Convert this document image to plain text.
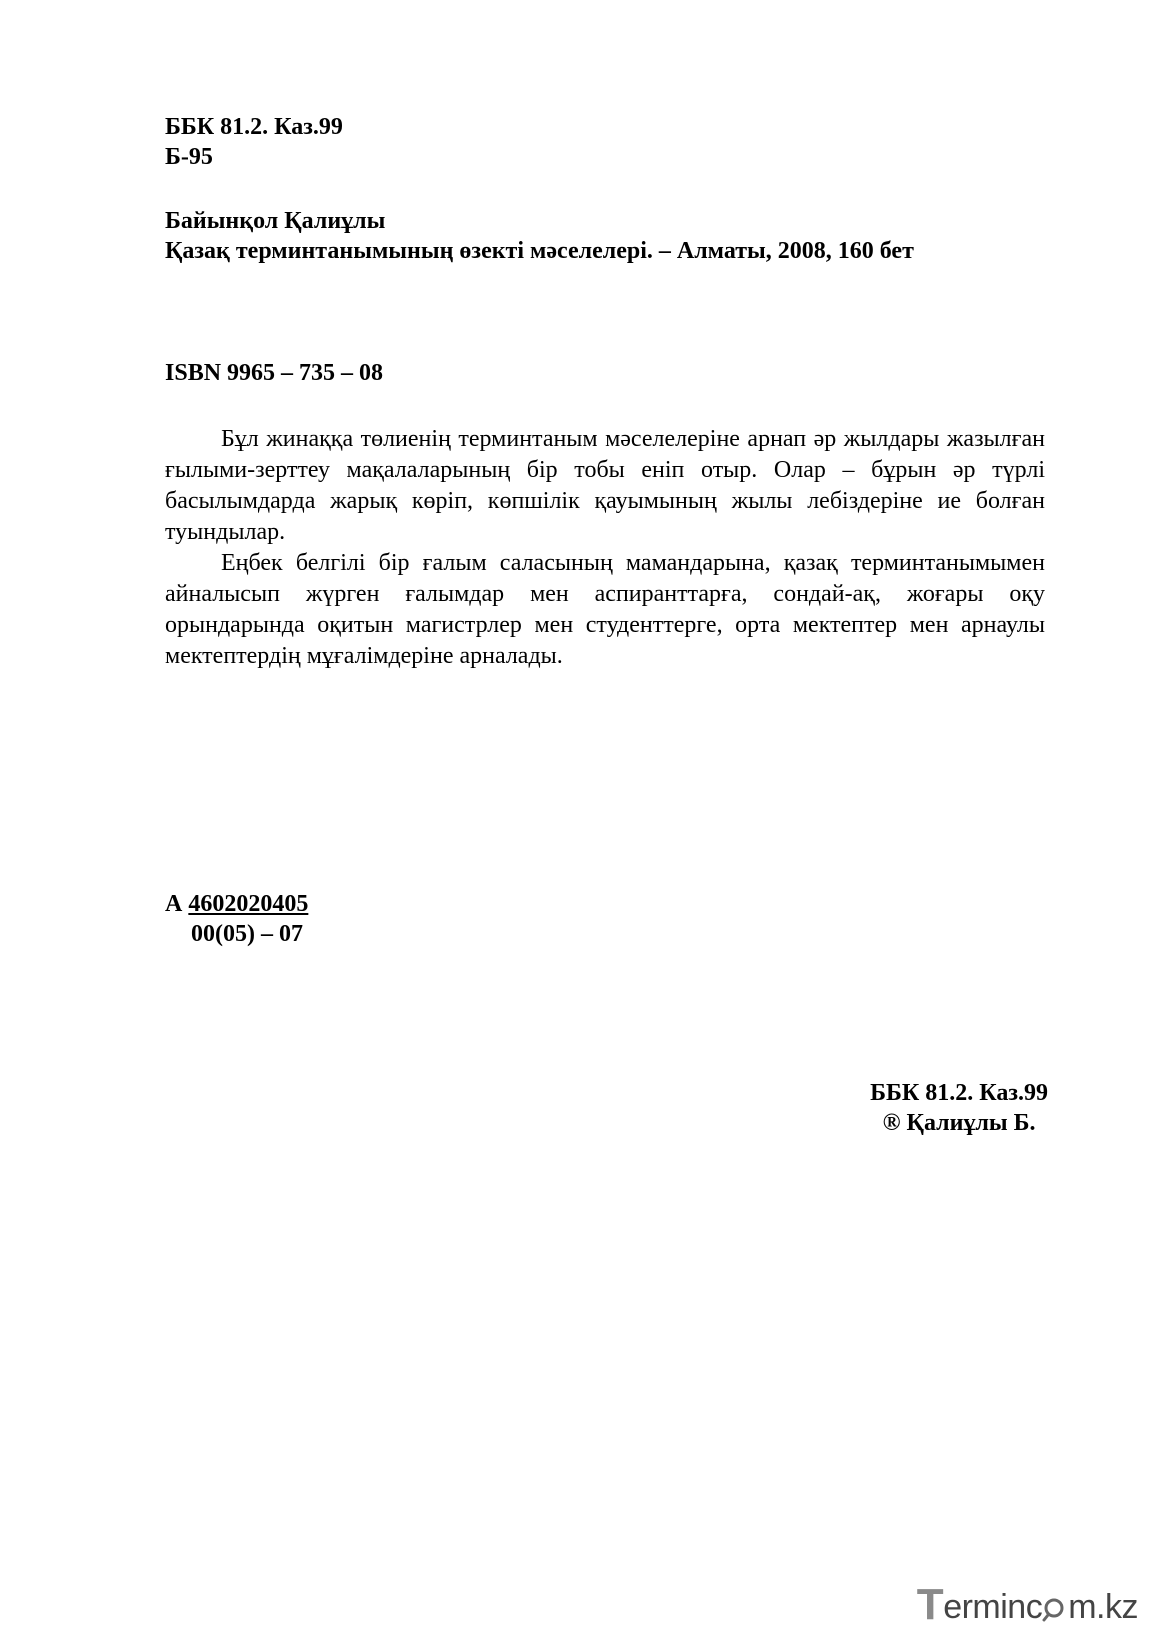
ББК 81.2. Каз.99
Б-95
Байынқол Қалиұлы
Қазақ терминтанымының өзекті мәселелері. – Алматы, 2008, 160 бет
ISBN 9965 – 735 – 08

Бұл жинаққа төлиенің терминтаным мәселелеріне арнап әр жылдары жазылған ғылыми-зерттеу мақалаларының бір тобы еніп отыр. Олар – бұрын әр түрлі басылымдарда жарық көріп, көпшілік қауымының жылы лебіздеріне ие болған туындылар.

Еңбек белгілі бір ғалым саласының мамандарына, қазақ терминтанымымен айналысып жүрген ғалымдар мен аспиранттарға, сондай-ақ, жоғары оқу орындарында оқитын магистрлер мен студенттерге, орта мектептер мен арнаулы мектептердің мұғалімдеріне арналады.

А 4602020405
00(05) – 07
ББК 81.2. Каз.99
® Қалиұлы Б.
T erminc m.kz
